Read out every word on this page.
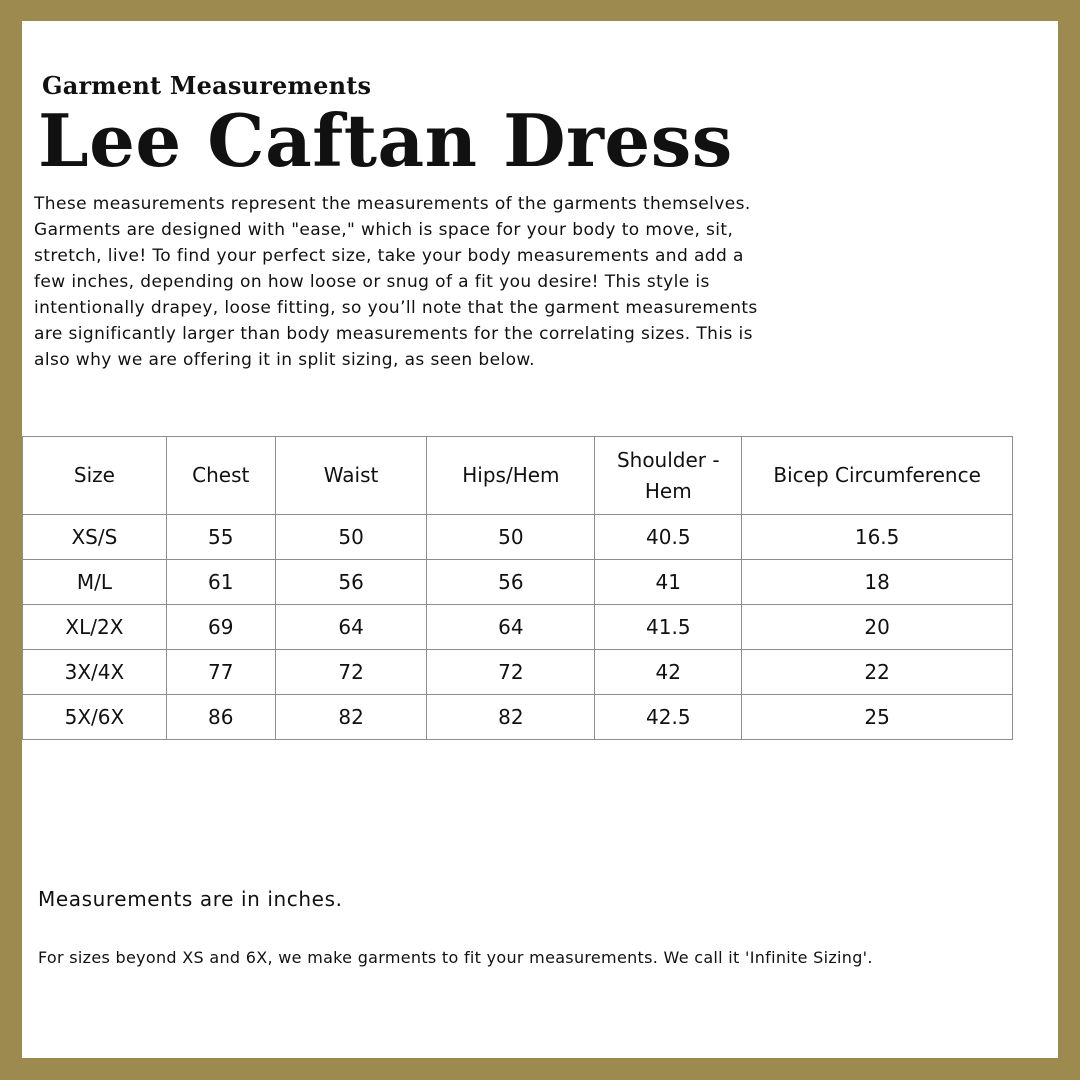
Garment Measurements
Lee Caftan Dress
These measurements represent the measurements of the garments themselves. Garments are designed with "ease," which is space for your body to move, sit, stretch, live! To find your perfect size, take your body measurements and add a few inches, depending on how loose or snug of a fit you desire! This style is intentionally drapey, loose fitting, so you’ll note that the garment measurements are significantly larger than body measurements for the correlating sizes. This is also why we are offering it in split sizing, as seen below.
Size	Chest	Waist	Hips/Hem	Shoulder - Hem	Bicep Circumference
XS/S	55	50	50	40.5	16.5
M/L	61	56	56	41	18
XL/2X	69	64	64	41.5	20
3X/4X	77	72	72	42	22
5X/6X	86	82	82	42.5	25
Measurements are in inches.
For sizes beyond XS and 6X, we make garments to fit your measurements. We call it 'Infinite Sizing'.
